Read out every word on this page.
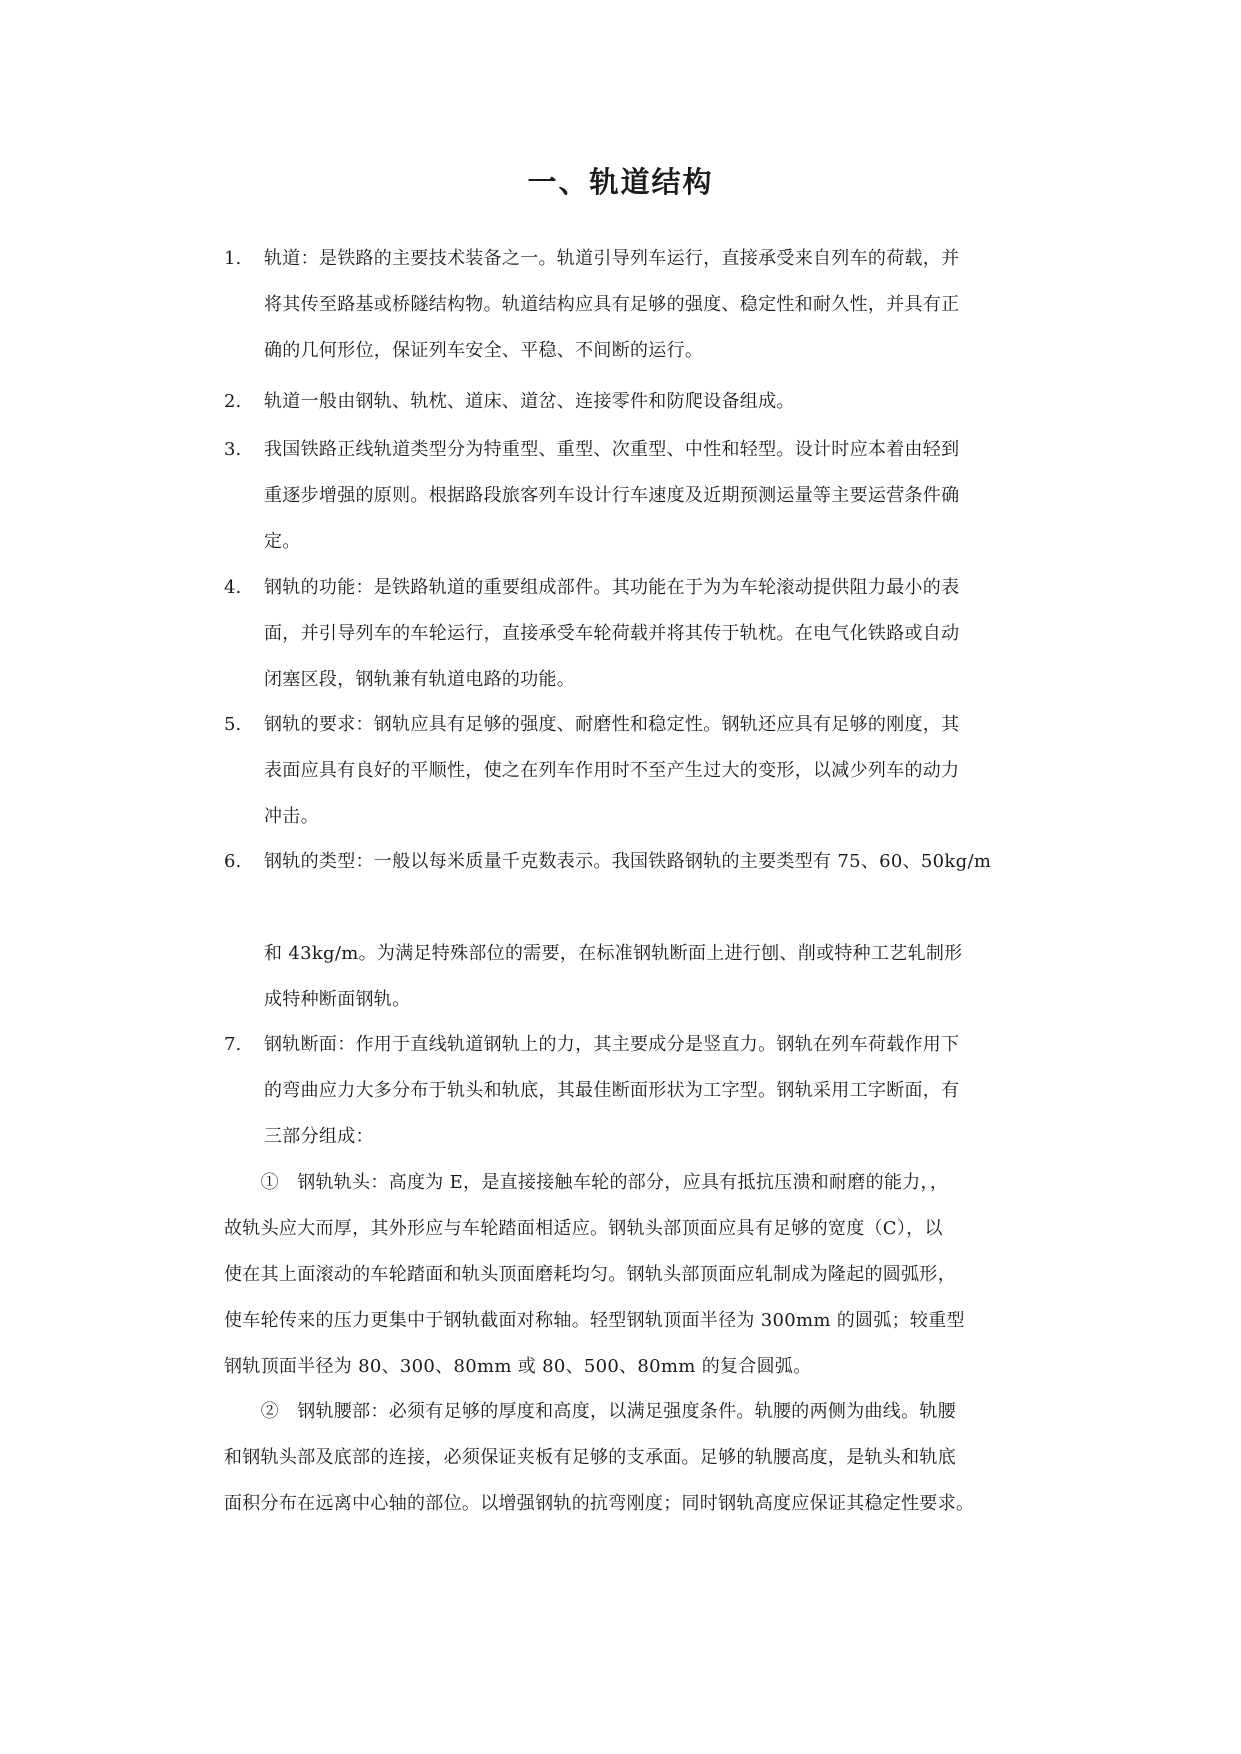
一、轨道结构
1. 轨道：是铁路的主要技术装备之一。轨道引导列车运行，直接承受来自列车的荷载，并
将其传至路基或桥隧结构物。轨道结构应具有足够的强度、稳定性和耐久性，并具有正
确的几何形位，保证列车安全、平稳、不间断的运行。
2. 轨道一般由钢轨、轨枕、道床、道岔、连接零件和防爬设备组成。
3. 我国铁路正线轨道类型分为特重型、重型、次重型、中性和轻型。设计时应本着由轻到
重逐步增强的原则。根据路段旅客列车设计行车速度及近期预测运量等主要运营条件确
定。
4. 钢轨的功能：是铁路轨道的重要组成部件。其功能在于为为车轮滚动提供阻力最小的表
面，并引导列车的车轮运行，直接承受车轮荷载并将其传于轨枕。在电气化铁路或自动
闭塞区段，钢轨兼有轨道电路的功能。
5. 钢轨的要求：钢轨应具有足够的强度、耐磨性和稳定性。钢轨还应具有足够的刚度，其
表面应具有良好的平顺性，使之在列车作用时不至产生过大的变形，以减少列车的动力
冲击。
6. 钢轨的类型：一般以每米质量千克数表示。我国铁路钢轨的主要类型有 75、60、50kg/m
和 43kg/m。为满足特殊部位的需要，在标准钢轨断面上进行刨、削或特种工艺轧制形
成特种断面钢轨。
7. 钢轨断面：作用于直线轨道钢轨上的力，其主要成分是竖直力。钢轨在列车荷载作用下
的弯曲应力大多分布于轨头和轨底，其最佳断面形状为工字型。钢轨采用工字断面，有
三部分组成：
　　①　钢轨轨头：高度为 E，是直接接触车轮的部分，应具有抵抗压溃和耐磨的能力，，
故轨头应大而厚，其外形应与车轮踏面相适应。钢轨头部顶面应具有足够的宽度（C），以
使在其上面滚动的车轮踏面和轨头顶面磨耗均匀。钢轨头部顶面应轧制成为隆起的圆弧形，
使车轮传来的压力更集中于钢轨截面对称轴。轻型钢轨顶面半径为 300mm 的圆弧；较重型
钢轨顶面半径为 80、300、80mm 或 80、500、80mm 的复合圆弧。
　　②　钢轨腰部：必须有足够的厚度和高度，以满足强度条件。轨腰的两侧为曲线。轨腰
和钢轨头部及底部的连接，必须保证夹板有足够的支承面。足够的轨腰高度，是轨头和轨底
面积分布在远离中心轴的部位。以增强钢轨的抗弯刚度；同时钢轨高度应保证其稳定性要求。
